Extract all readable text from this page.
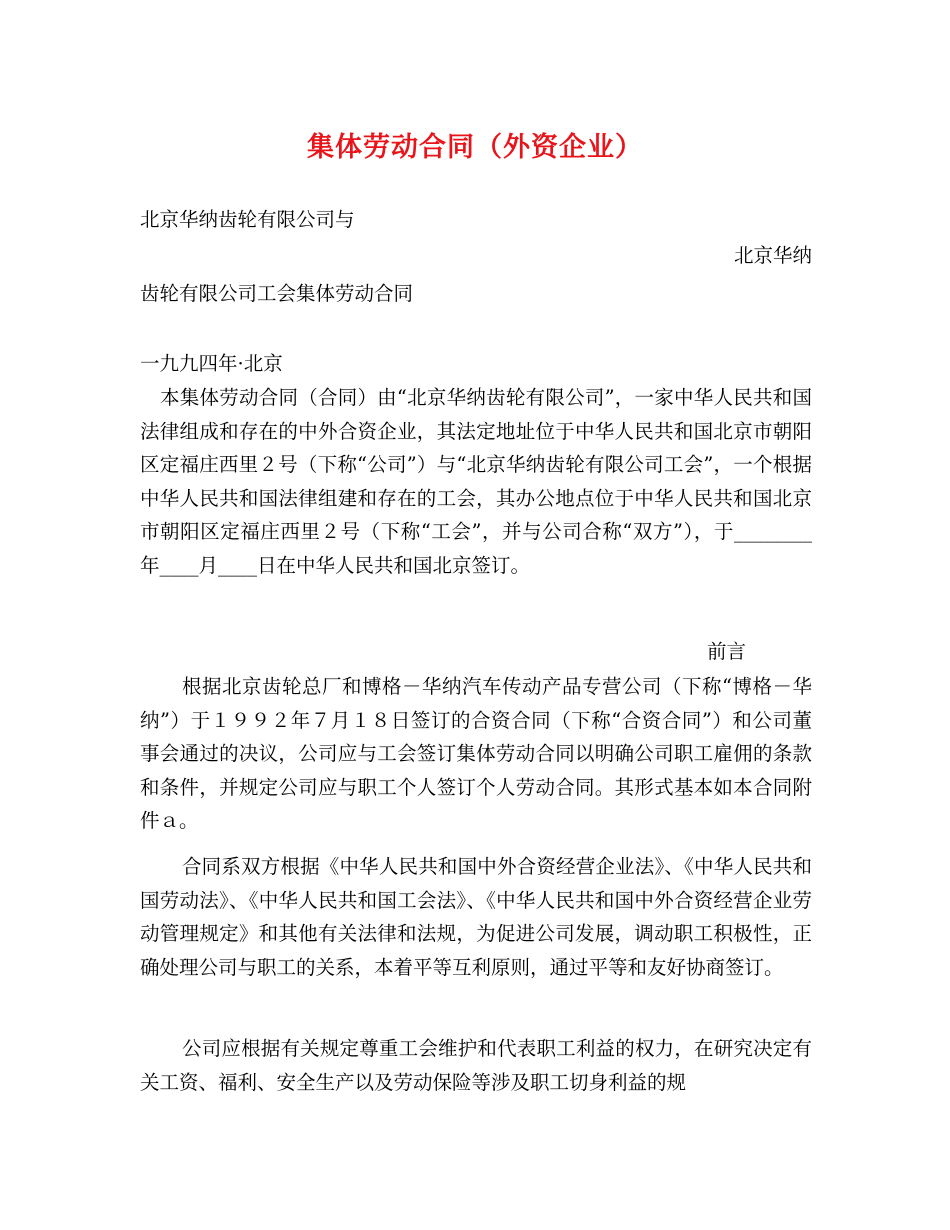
集体劳动合同（外资企业）
北京华纳齿轮有限公司与
北京华纳
齿轮有限公司工会集体劳动合同
一九九四年·北京
本集体劳动合同（合同）由“北京华纳齿轮有限公司”，一家中华人民共和国法律组成和存在的中外合资企业，其法定地址位于中华人民共和国北京市朝阳区定福庄西里２号（下称“公司”）与“北京华纳齿轮有限公司工会”，一个根据中华人民共和国法律组建和存在的工会，其办公地点位于中华人民共和国北京市朝阳区定福庄西里２号（下称“工会”，并与公司合称“双方”），于________年____月____日在中华人民共和国北京签订。
前言
根据北京齿轮总厂和博格－华纳汽车传动产品专营公司（下称“博格－华纳”）于１９９２年７月１８日签订的合资合同（下称“合资合同”）和公司董事会通过的决议，公司应与工会签订集体劳动合同以明确公司职工雇佣的条款和条件，并规定公司应与职工个人签订个人劳动合同。其形式基本如本合同附件ａ。
合同系双方根据《中华人民共和国中外合资经营企业法》、《中华人民共和国劳动法》、《中华人民共和国工会法》、《中华人民共和国中外合资经营企业劳动管理规定》和其他有关法律和法规，为促进公司发展，调动职工积极性，正确处理公司与职工的关系，本着平等互利原则，通过平等和友好协商签订。
公司应根据有关规定尊重工会维护和代表职工利益的权力，在研究决定有关工资、福利、安全生产以及劳动保险等涉及职工切身利益的规
